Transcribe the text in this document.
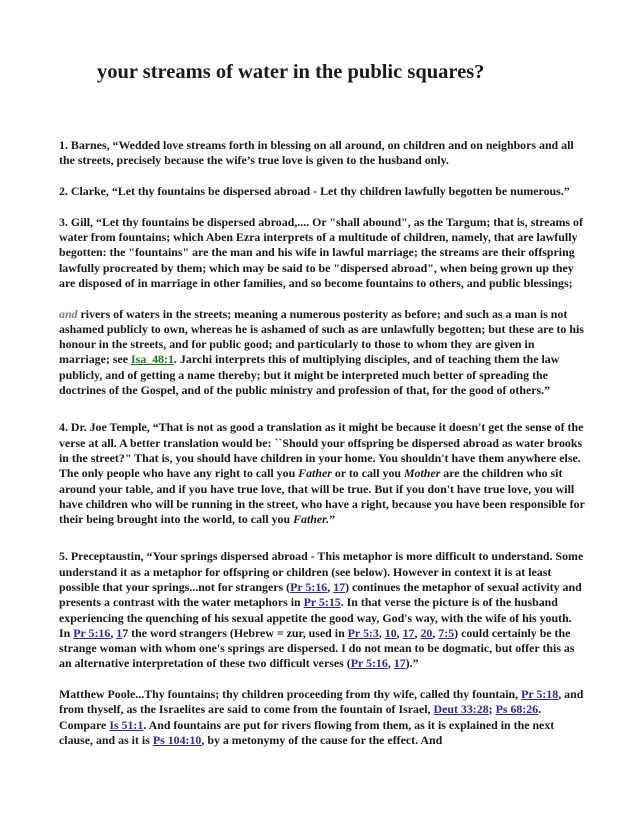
your streams of water in the public squares?

1. Barnes, “Wedded love streams forth in blessing on all around, on children and on neighbors and all the streets, precisely because the wife’s true love is given to the husband only.

2. Clarke, “Let thy fountains be dispersed abroad - Let thy children lawfully begotten be numerous.”

3. Gill, “Let thy fountains be dispersed abroad,.... Or "shall abound", as the Targum; that is, streams of water from fountains; which Aben Ezra interprets of a multitude of children, namely, that are lawfully begotten: the "fountains" are the man and his wife in lawful marriage; the streams are their offspring lawfully procreated by them; which may be said to be "dispersed abroad", when being grown up they are disposed of in marriage in other families, and so become fountains to others, and public blessings;

and rivers of waters in the streets; meaning a numerous posterity as before; and such as a man is not ashamed publicly to own, whereas he is ashamed of such as are unlawfully begotten; but these are to his honour in the streets, and for public good; and particularly to those to whom they are given in marriage; see Isa_48:1. Jarchi interprets this of multiplying disciples, and of teaching them the law publicly, and of getting a name thereby; but it might be interpreted much better of spreading the doctrines of the Gospel, and of the public ministry and profession of that, for the good of others.”

4. Dr. Joe Temple, “That is not as good a translation as it might be because it doesn't get the sense of the verse at all. A better translation would be: ``Should your offspring be dispersed abroad as water brooks in the street?" That is, you should have children in your home. You shouldn't have them anywhere else. The only people who have any right to call you Father or to call you Mother are the children who sit around your table, and if you have true love, that will be true. But if you don't have true love, you will have children who will be running in the street, who have a right, because you have been responsible for their being brought into the world, to call you Father.”

5. Preceptaustin, “Your springs dispersed abroad - This metaphor is more difficult to understand. Some understand it as a metaphor for offspring or children (see below). However in context it is at least possible that your springs...not for strangers (Pr 5:16, 17) continues the metaphor of sexual activity and presents a contrast with the water metaphors in Pr 5:15. In that verse the picture is of the husband experiencing the quenching of his sexual appetite the good way, God's way, with the wife of his youth. In Pr 5:16, 17 the word strangers (Hebrew = zur, used in Pr 5:3, 10, 17, 20, 7:5) could certainly be the strange woman with whom one's springs are dispersed. I do not mean to be dogmatic, but offer this as an alternative interpretation of these two difficult verses (Pr 5:16, 17).”

Matthew Poole...Thy fountains; thy children proceeding from thy wife, called thy fountain, Pr 5:18, and from thyself, as the Israelites are said to come from the fountain of Israel, Deut 33:28; Ps 68:26. Compare Is 51:1. And fountains are put for rivers flowing from them, as it is explained in the next clause, and as it is Ps 104:10, by a metonymy of the cause for the effect. And
